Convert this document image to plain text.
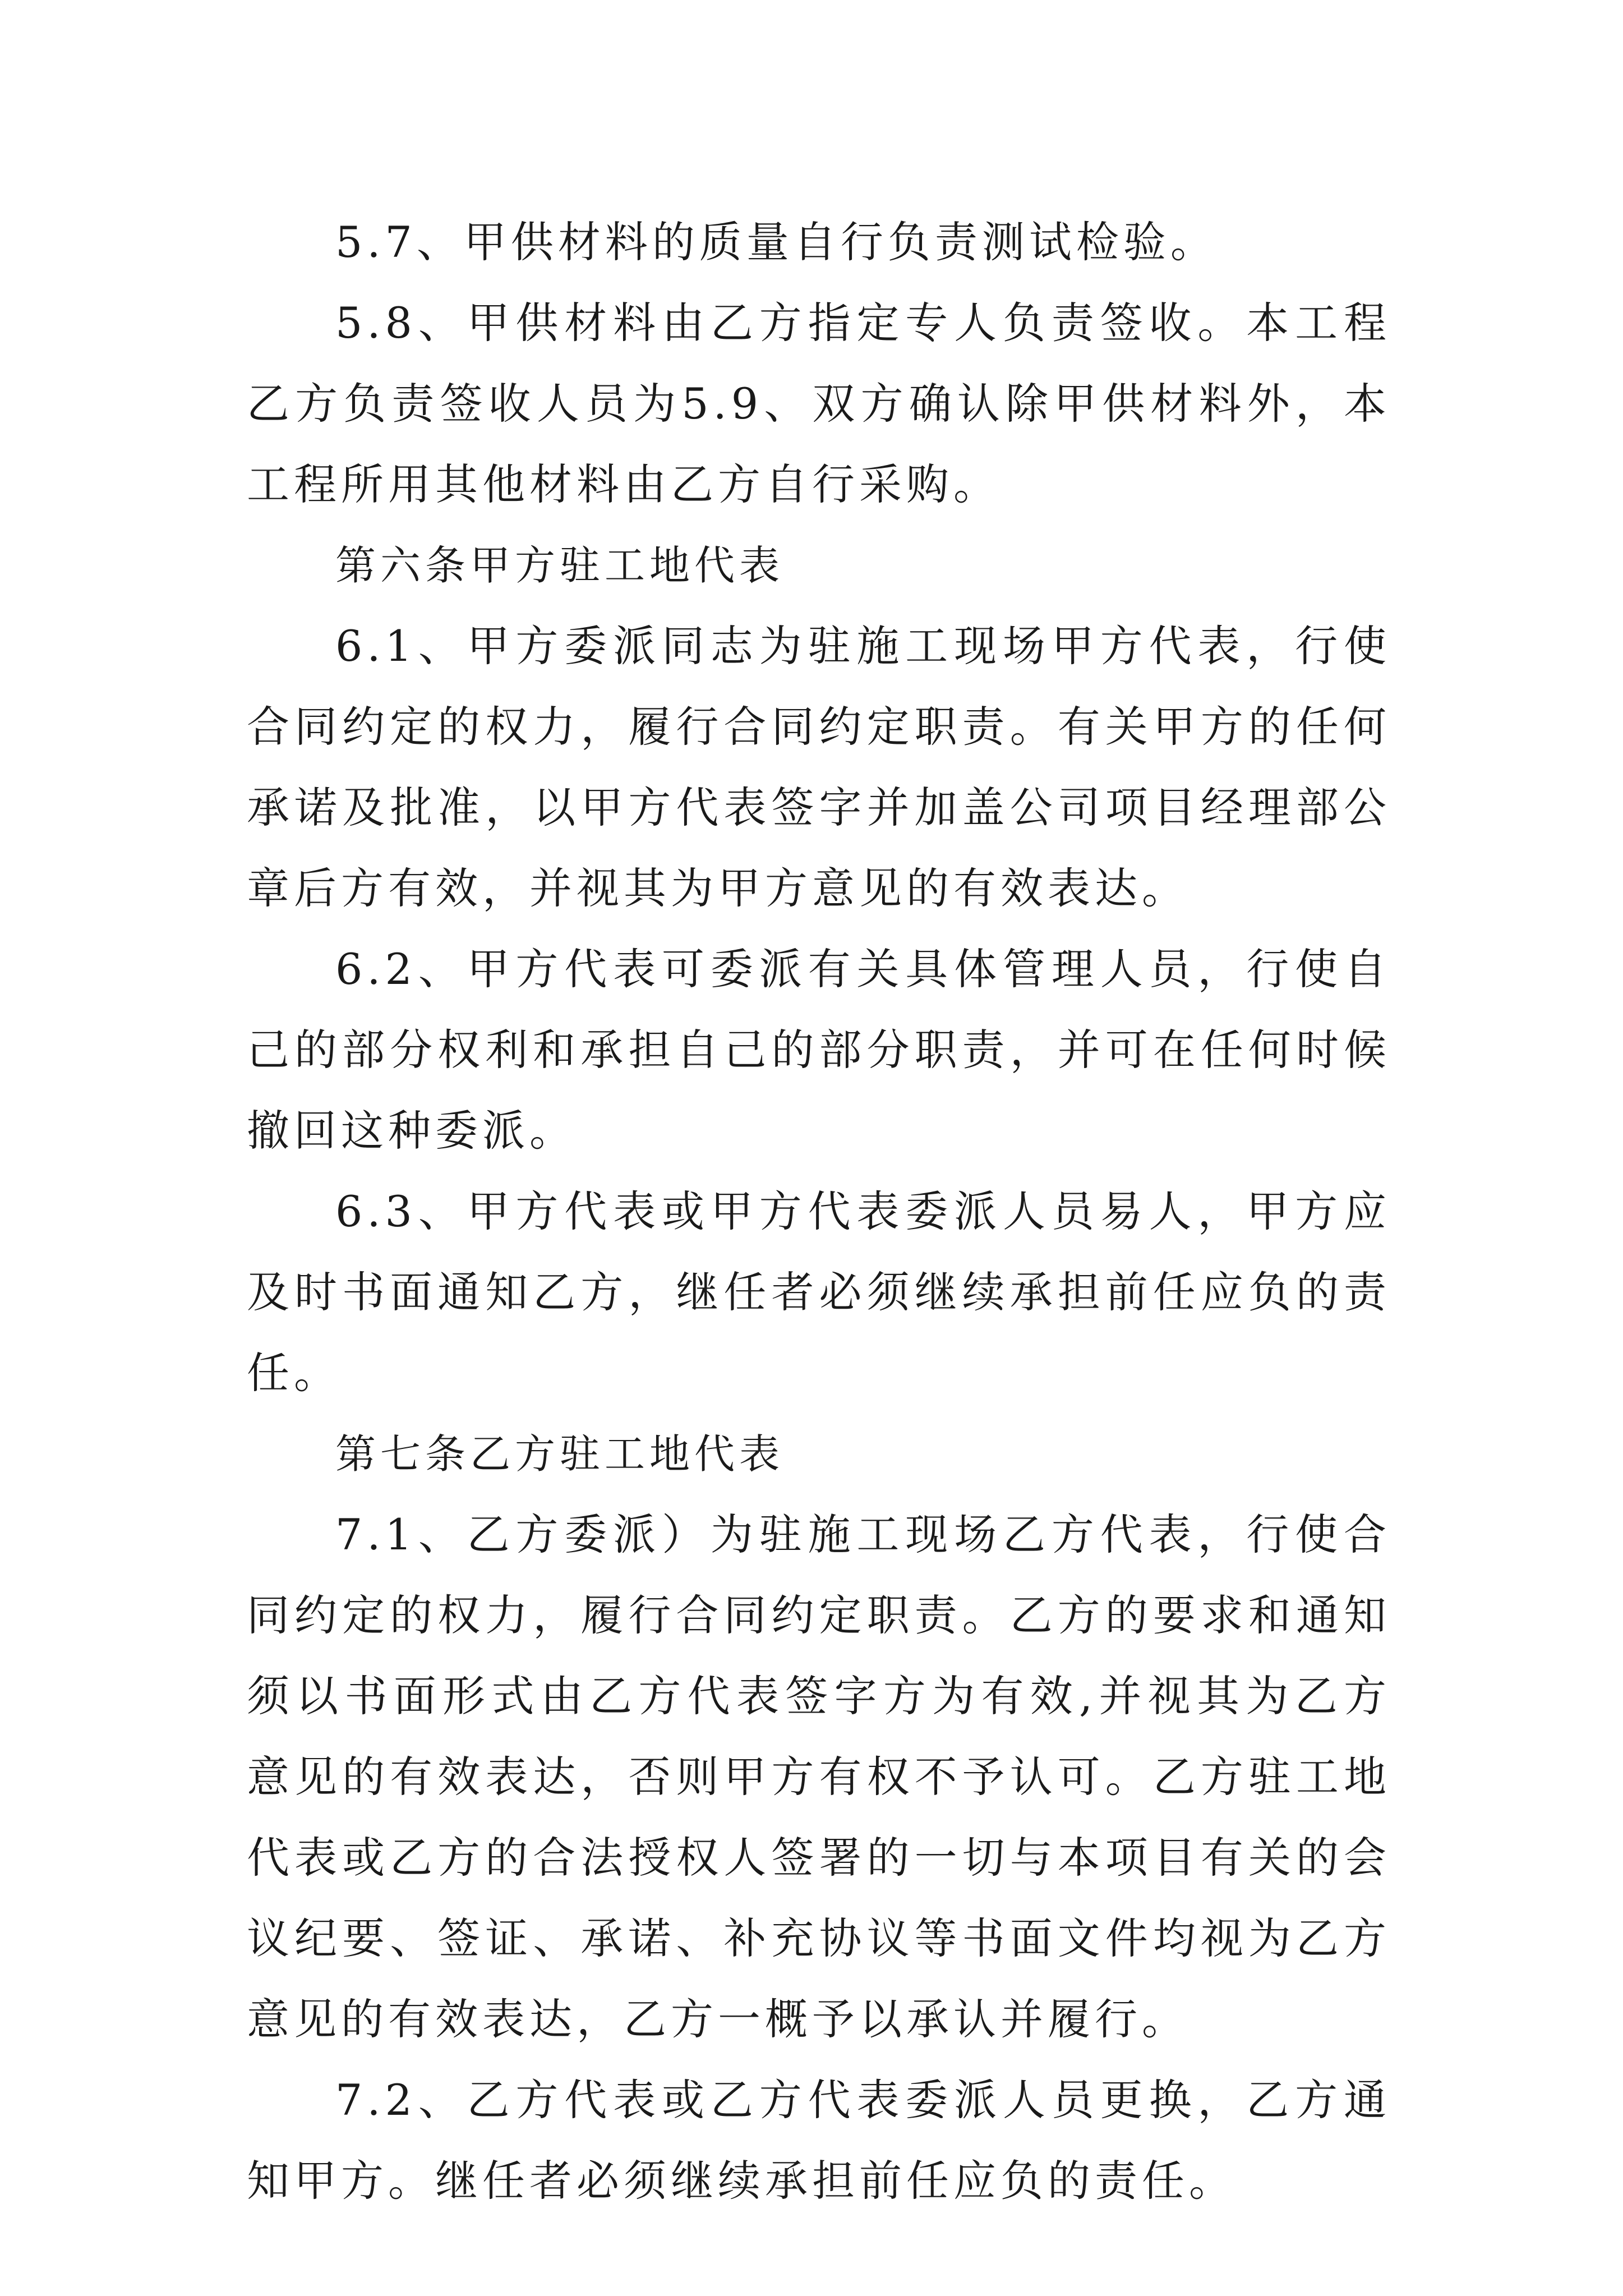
5.7、甲供材料的质量自行负责测试检验。

5.8、甲供材料由乙方指定专人负责签收。本工程乙方负责签收人员为5.9、双方确认除甲供材料外，本工程所用其他材料由乙方自行采购。

第六条甲方驻工地代表

6.1、甲方委派同志为驻施工现场甲方代表，行使合同约定的权力，履行合同约定职责。有关甲方的任何承诺及批准，以甲方代表签字并加盖公司项目经理部公章后方有效，并视其为甲方意见的有效表达。

6.2、甲方代表可委派有关具体管理人员，行使自己的部分权利和承担自己的部分职责，并可在任何时候撤回这种委派。

6.3、甲方代表或甲方代表委派人员易人，甲方应及时书面通知乙方，继任者必须继续承担前任应负的责任。

第七条乙方驻工地代表

7.1、乙方委派）为驻施工现场乙方代表，行使合同约定的权力，履行合同约定职责。乙方的要求和通知须以书面形式由乙方代表签字方为有效,并视其为乙方意见的有效表达，否则甲方有权不予认可。乙方驻工地代表或乙方的合法授权人签署的一切与本项目有关的会议纪要、签证、承诺、补充协议等书面文件均视为乙方意见的有效表达，乙方一概予以承认并履行。

7.2、乙方代表或乙方代表委派人员更换，乙方通知甲方。继任者必须继续承担前任应负的责任。
